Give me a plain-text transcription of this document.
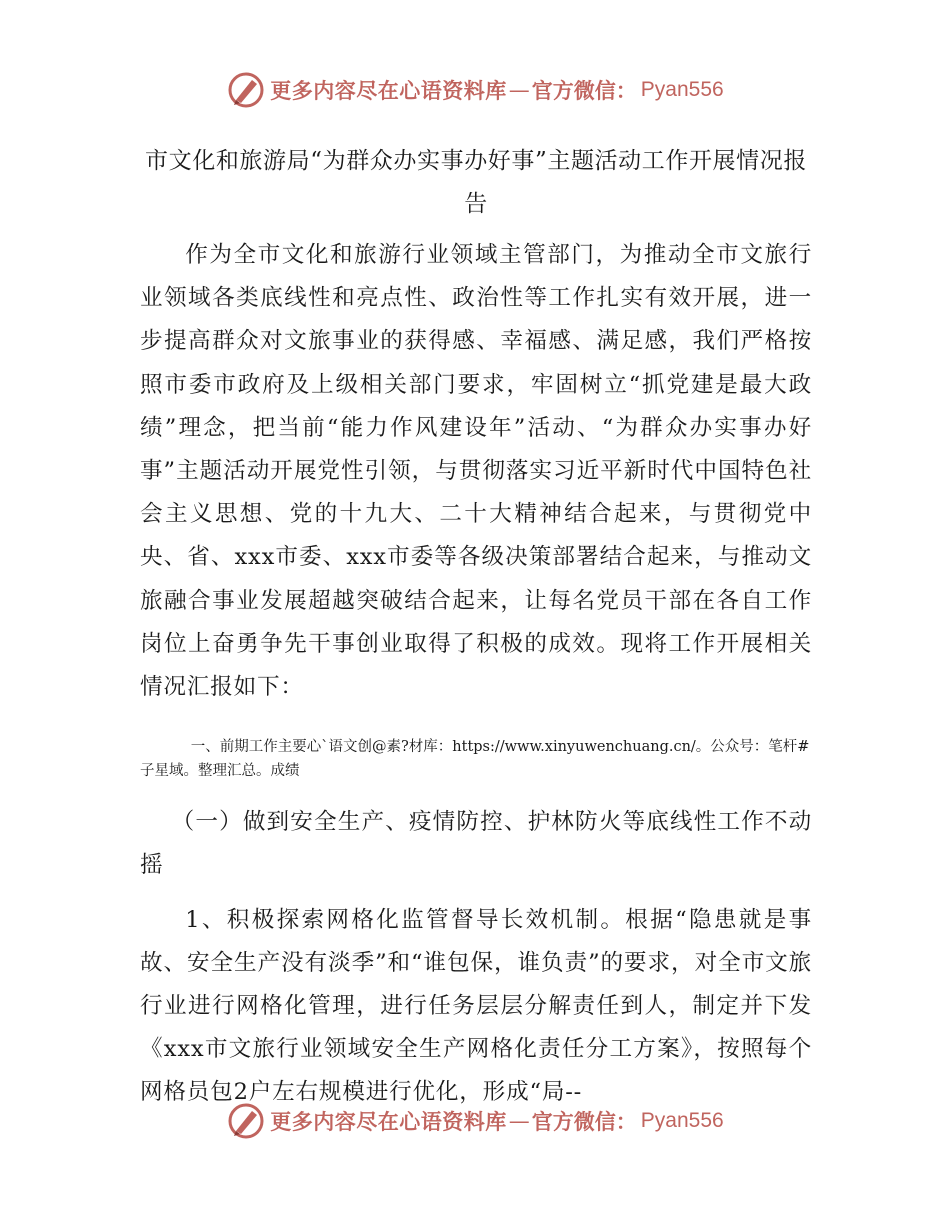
更多内容尽在心语资料库 — 官方微信： Pyan556
市文化和旅游局“为群众办实事办好事”主题活动工作开展情况报告

作为全市文化和旅游行业领域主管部门，为推动全市文旅行业领域各类底线性和亮点性、政治性等工作扎实有效开展，进一步提高群众对文旅事业的获得感、幸福感、满足感，我们严格按照市委市政府及上级相关部门要求，牢固树立“抓党建是最大政绩”理念，把当前“能力作风建设年”活动、“为群众办实事办好事”主题活动开展党性引领，与贯彻落实习近平新时代中国特色社会主义思想、党的十九大、二十大精神结合起来，与贯彻党中央、省、xxx市委、xxx市委等各级决策部署结合起来，与推动文旅融合事业发展超越突破结合起来，让每名党员干部在各自工作岗位上奋勇争先干事创业取得了积极的成效。现将工作开展相关情况汇报如下：

一、前期工作主要心`语文创@素?材库：https://www.xinyuwenchuang.cn/。公众号：笔杆#子星域。整理汇总。成绩

（一）做到安全生产、疫情防控、护林防火等底线性工作不动摇

1、积极探索网格化监管督导长效机制。根据“隐患就是事故、安全生产没有淡季”和“谁包保，谁负责”的要求，对全市文旅行业进行网格化管理，进行任务层层分解责任到人，制定并下发《xxx市文旅行业领域安全生产网格化责任分工方案》，按照每个网格员包2户左右规模进行优化，形成“局--

更多内容尽在心语资料库 — 官方微信： Pyan556
